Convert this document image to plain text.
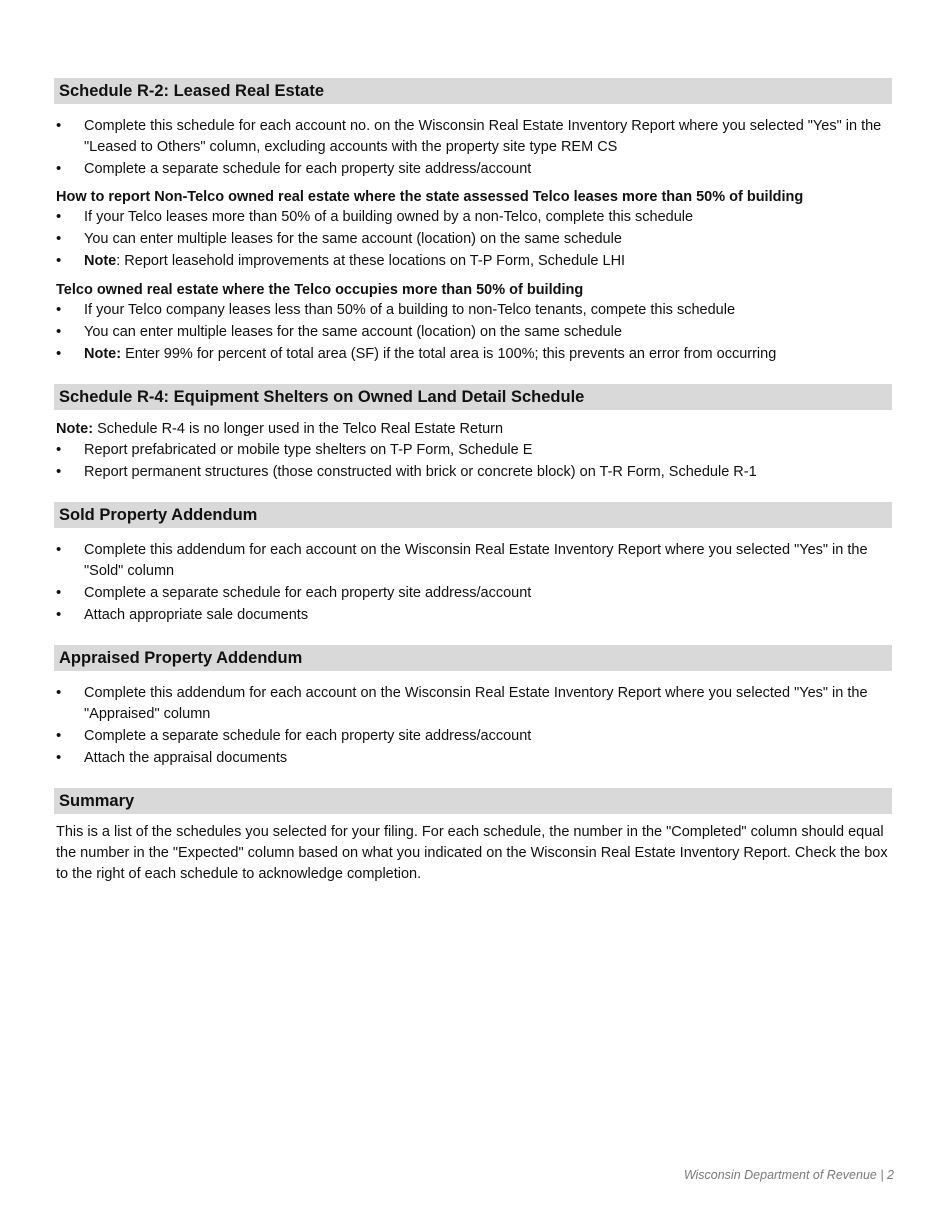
Schedule R-2: Leased Real Estate
• Complete this schedule for each account no. on the Wisconsin Real Estate Inventory Report where you selected "Yes" in the "Leased to Others" column, excluding accounts with the property site type REM CS
• Complete a separate schedule for each property site address/account
How to report Non-Telco owned real estate where the state assessed Telco leases more than 50% of building
• If your Telco leases more than 50% of a building owned by a non-Telco, complete this schedule
• You can enter multiple leases for the same account (location) on the same schedule
• Note: Report leasehold improvements at these locations on T-P Form, Schedule LHI
Telco owned real estate where the Telco occupies more than 50% of building
• If your Telco company leases less than 50% of a building to non-Telco tenants, compete this schedule
• You can enter multiple leases for the same account (location) on the same schedule
• Note: Enter 99% for percent of total area (SF) if the total area is 100%; this prevents an error from occurring
Schedule R-4: Equipment Shelters on Owned Land Detail Schedule
Note: Schedule R-4 is no longer used in the Telco Real Estate Return
• Report prefabricated or mobile type shelters on T-P Form, Schedule E
• Report permanent structures (those constructed with brick or concrete block) on T-R Form, Schedule R-1
Sold Property Addendum
• Complete this addendum for each account on the Wisconsin Real Estate Inventory Report where you selected "Yes" in the "Sold" column
• Complete a separate schedule for each property site address/account
• Attach appropriate sale documents
Appraised Property Addendum
• Complete this addendum for each account on the Wisconsin Real Estate Inventory Report where you selected "Yes" in the "Appraised" column
• Complete a separate schedule for each property site address/account
• Attach the appraisal documents
Summary

This is a list of the schedules you selected for your filing. For each schedule, the number in the "Completed" column should equal the number in the "Expected" column based on what you indicated on the Wisconsin Real Estate Inventory Report. Check the box to the right of each schedule to acknowledge completion.

Wisconsin Department of Revenue | 2
